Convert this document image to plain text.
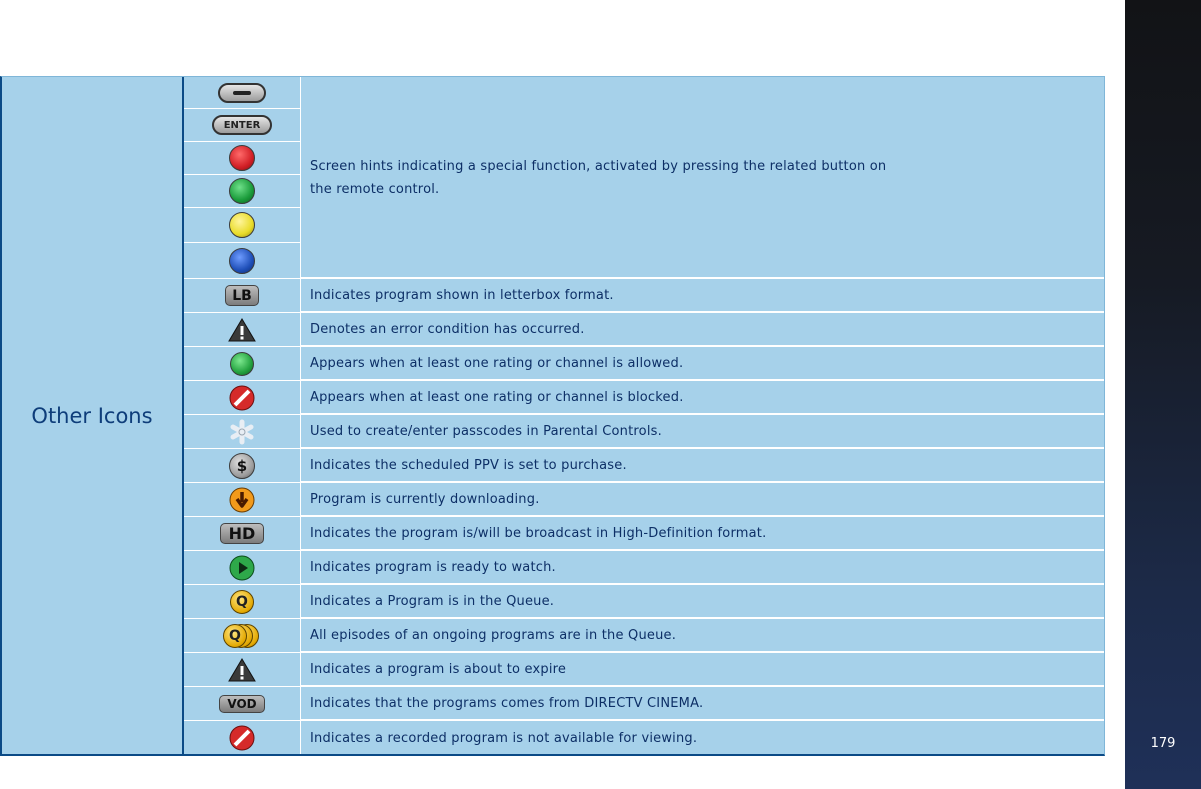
179
Other Icons
ENTER
LB
$
HD
Q
Q
VOD
Screen hints indicating a special function, activated by pressing the related button on
the remote control.
Indicates program shown in letterbox format.
Denotes an error condition has occurred.
Appears when at least one rating or channel is allowed.
Appears when at least one rating or channel is blocked.
Used to create/enter passcodes in Parental Controls.
Indicates the scheduled PPV is set to purchase.
Program is currently downloading.
Indicates the program is/will be broadcast in High-Definition format.
Indicates program is ready to watch.
Indicates a Program is in the Queue.
All episodes of an ongoing programs are in the Queue.
Indicates a program is about to expire
Indicates that the programs comes from DIRECTV CINEMA.
Indicates a recorded program is not available for viewing.
